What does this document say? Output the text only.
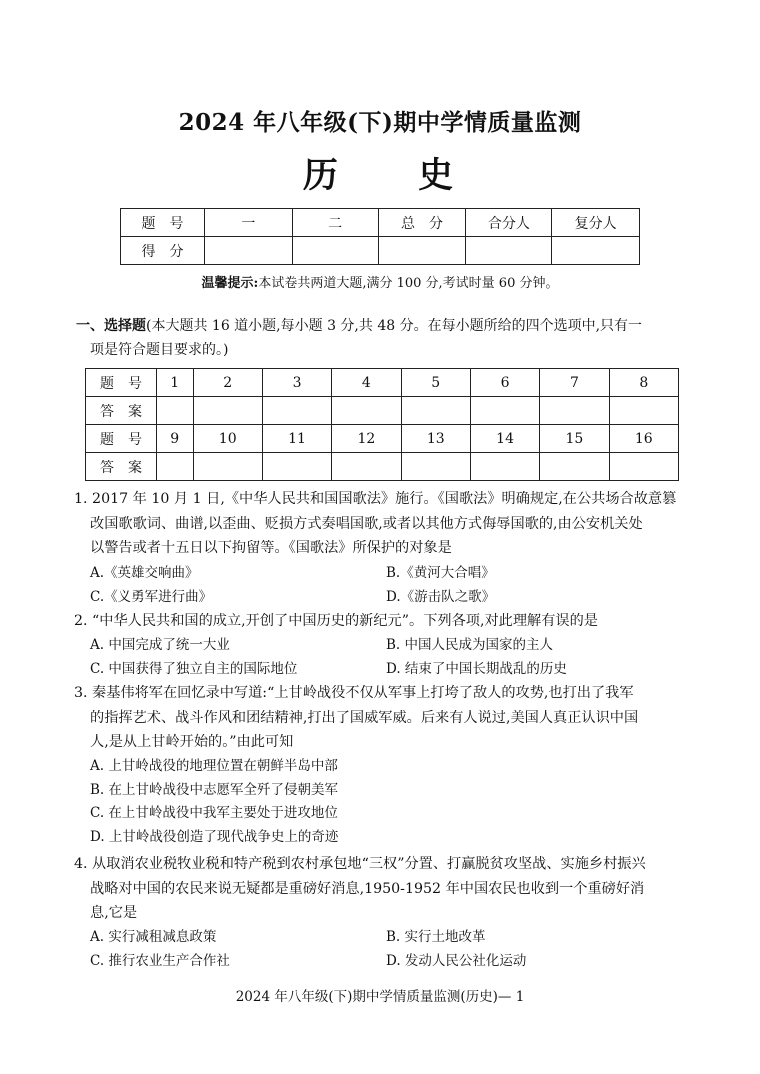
2024 年八年级(下)期中学情质量监测
历 史
题　号	一	二	总　分	合分人	复分人
得　分					
温馨提示:本试卷共两道大题,满分 100 分,考试时量 60 分钟。
一、选择题(本大题共 16 道小题,每小题 3 分,共 48 分。在每小题所给的四个选项中,只有一
项是符合题目要求的。)
题　号	1	2	3	4	5	6	7	8
答　案								
题　号	9	10	11	12	13	14	15	16
答　案								
1. 2017 年 10 月 1 日,《中华人民共和国国歌法》施行。《国歌法》明确规定,在公共场合故意篡
改国歌歌词、曲谱,以歪曲、贬损方式奏唱国歌,或者以其他方式侮辱国歌的,由公安机关处
以警告或者十五日以下拘留等。《国歌法》所保护的对象是
A.《英雄交响曲》	B.《黄河大合唱》
C.《义勇军进行曲》	D.《游击队之歌》
2. “中华人民共和国的成立,开创了中国历史的新纪元”。下列各项,对此理解有误的是
A. 中国完成了统一大业	B. 中国人民成为国家的主人
C. 中国获得了独立自主的国际地位	D. 结束了中国长期战乱的历史
3. 秦基伟将军在回忆录中写道:“上甘岭战役不仅从军事上打垮了敌人的攻势,也打出了我军
的指挥艺术、战斗作风和团结精神,打出了国威军威。后来有人说过,美国人真正认识中国
人,是从上甘岭开始的。”由此可知
A. 上甘岭战役的地理位置在朝鲜半岛中部
B. 在上甘岭战役中志愿军全歼了侵朝美军
C. 在上甘岭战役中我军主要处于进攻地位
D. 上甘岭战役创造了现代战争史上的奇迹
4. 从取消农业税牧业税和特产税到农村承包地“三权”分置、打赢脱贫攻坚战、实施乡村振兴
战略对中国的农民来说无疑都是重磅好消息,1950-1952 年中国农民也收到一个重磅好消
息,它是
A. 实行减租减息政策	B. 实行土地改革
C. 推行农业生产合作社	D. 发动人民公社化运动
2024 年八年级(下)期中学情质量监测(历史)— 1
